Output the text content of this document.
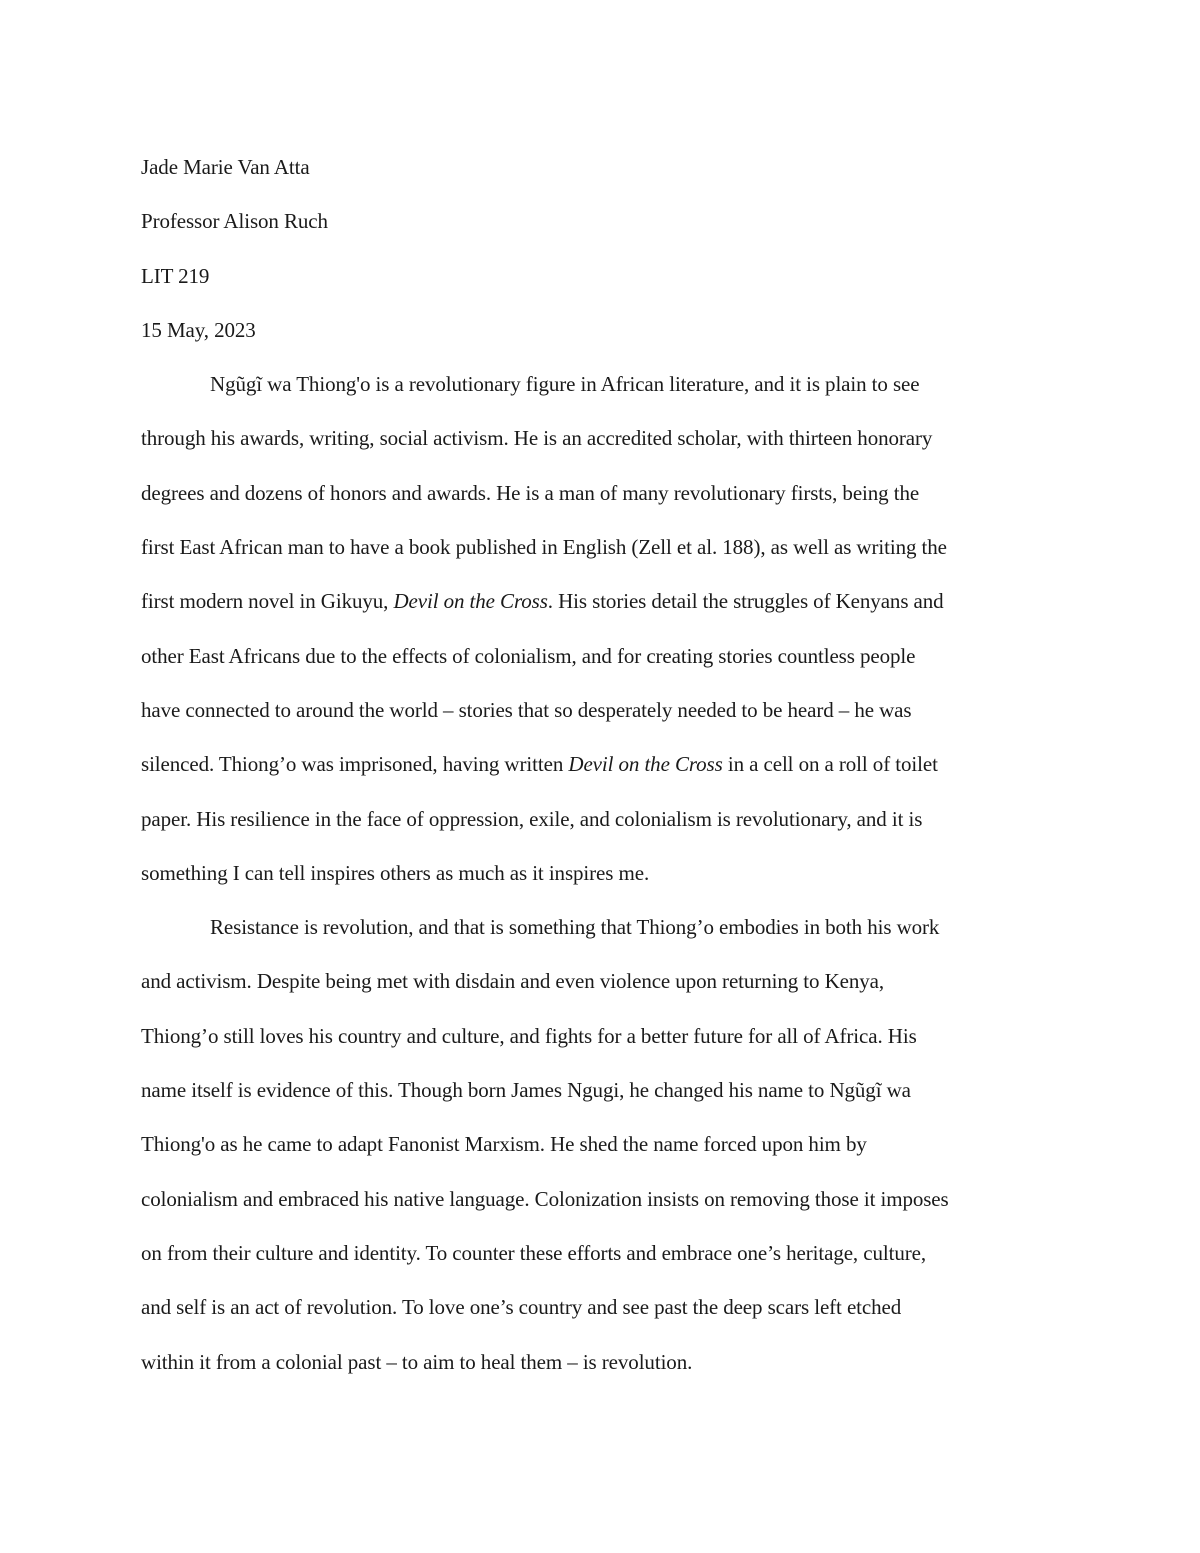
Jade Marie Van Atta
Professor Alison Ruch
LIT 219
15 May, 2023
Ngũgĩ wa Thiong'o is a revolutionary figure in African literature, and it is plain to see
through his awards, writing, social activism. He is an accredited scholar, with thirteen honorary
degrees and dozens of honors and awards. He is a man of many revolutionary firsts, being the
first East African man to have a book published in English (Zell et al. 188), as well as writing the
first modern novel in Gikuyu, Devil on the Cross. His stories detail the struggles of Kenyans and
other East Africans due to the effects of colonialism, and for creating stories countless people
have connected to around the world – stories that so desperately needed to be heard – he was
silenced. Thiong’o was imprisoned, having written Devil on the Cross in a cell on a roll of toilet
paper. His resilience in the face of oppression, exile, and colonialism is revolutionary, and it is
something I can tell inspires others as much as it inspires me.
Resistance is revolution, and that is something that Thiong’o embodies in both his work
and activism. Despite being met with disdain and even violence upon returning to Kenya,
Thiong’o still loves his country and culture, and fights for a better future for all of Africa. His
name itself is evidence of this. Though born James Ngugi, he changed his name to Ngũgĩ wa
Thiong'o as he came to adapt Fanonist Marxism. He shed the name forced upon him by
colonialism and embraced his native language. Colonization insists on removing those it imposes
on from their culture and identity. To counter these efforts and embrace one’s heritage, culture,
and self is an act of revolution. To love one’s country and see past the deep scars left etched
within it from a colonial past – to aim to heal them – is revolution.
